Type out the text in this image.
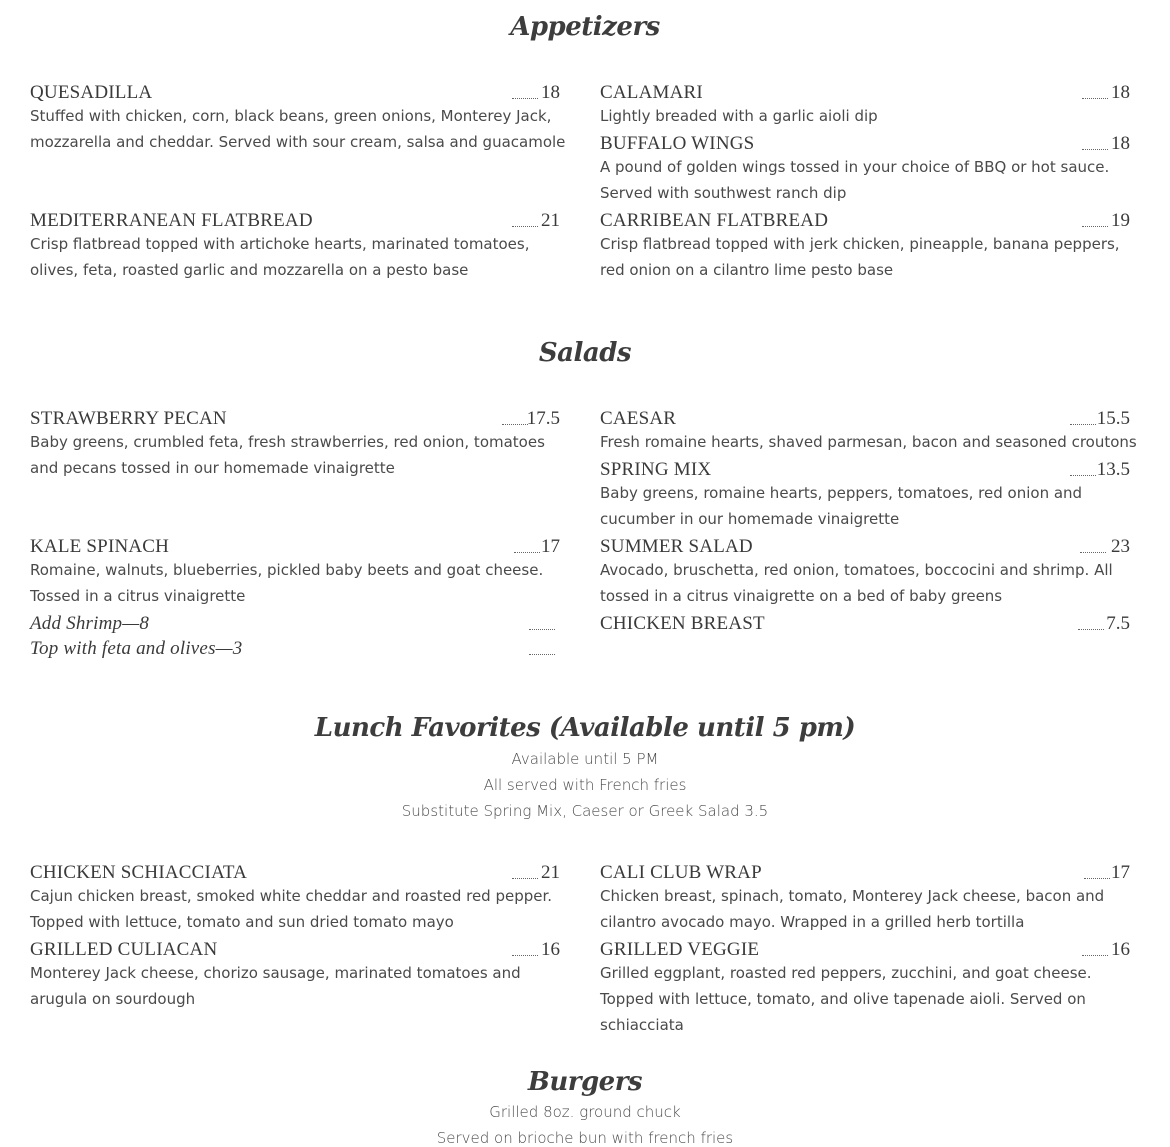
Appetizers
QUESADILLA	18
Stuffed with chicken, corn, black beans, green onions, Monterey Jack, mozzarella and cheddar. Served with sour cream, salsa and guacamole
CALAMARI	18
Lightly breaded with a garlic aioli dip
BUFFALO WINGS	18
A pound of golden wings tossed in your choice of BBQ or hot sauce. Served with southwest ranch dip
MEDITERRANEAN FLATBREAD	21
Crisp flatbread topped with artichoke hearts, marinated tomatoes, olives, feta, roasted garlic and mozzarella on a pesto base
CARRIBEAN FLATBREAD	19
Crisp flatbread topped with jerk chicken, pineapple, banana peppers, red onion on a cilantro lime pesto base
Salads
STRAWBERRY PECAN	17.5
Baby greens, crumbled feta, fresh strawberries, red onion, tomatoes and pecans tossed in our homemade vinaigrette
CAESAR	15.5
Fresh romaine hearts, shaved parmesan, bacon and seasoned croutons
SPRING MIX	13.5
Baby greens, romaine hearts, peppers, tomatoes, red onion and cucumber in our homemade vinaigrette
KALE SPINACH	17
Romaine, walnuts, blueberries, pickled baby beets and goat cheese. Tossed in a citrus vinaigrette
SUMMER SALAD	23
Avocado, bruschetta, red onion, tomatoes, boccocini and shrimp. All tossed in a citrus vinaigrette on a bed of baby greens
Add Shrimp—8
Top with feta and olives—3
CHICKEN BREAST	7.5
Lunch Favorites (Available until 5 pm)
Available until 5 PM
All served with French fries
Substitute Spring Mix, Caeser or Greek Salad 3.5
CHICKEN SCHIACCIATA	21
Cajun chicken breast, smoked white cheddar and roasted red pepper. Topped with lettuce, tomato and sun dried tomato mayo
CALI CLUB WRAP	17
Chicken breast, spinach, tomato, Monterey Jack cheese, bacon and cilantro avocado mayo. Wrapped in a grilled herb tortilla
GRILLED CULIACAN	16
Monterey Jack cheese, chorizo sausage, marinated tomatoes and arugula on sourdough
GRILLED VEGGIE	16
Grilled eggplant, roasted red peppers, zucchini, and goat cheese. Topped with lettuce, tomato, and olive tapenade aioli. Served on schiacciata
Burgers
Grilled 8oz. ground chuck
Served on brioche bun with french fries
